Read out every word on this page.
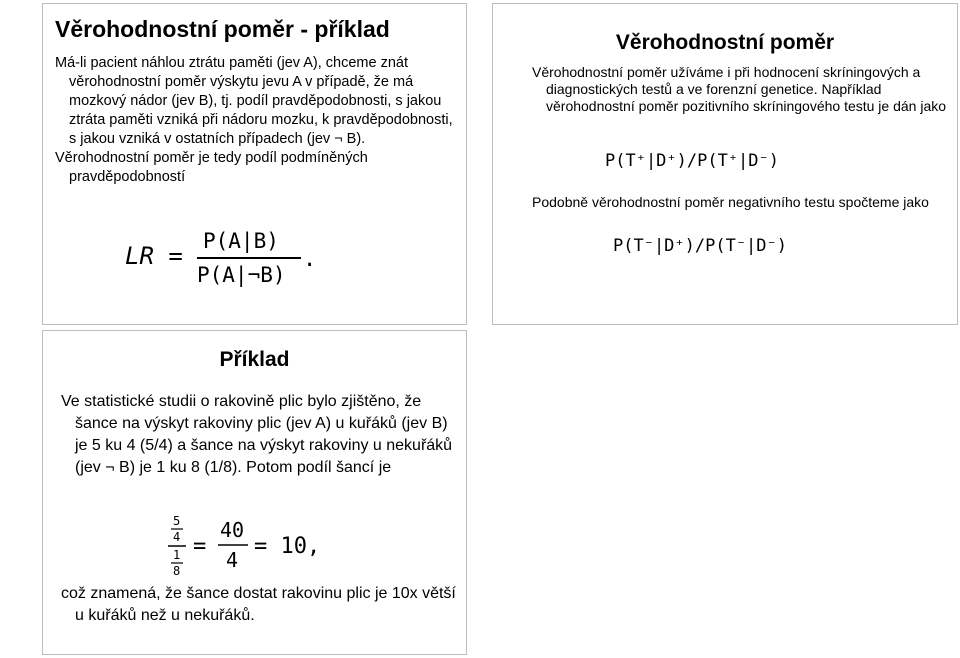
Věrohodnostní poměr - příklad

Má-li pacient náhlou ztrátu paměti (jev A), chceme znát věrohodnostní poměr výskytu jevu A v případě, že má mozkový nádor (jev B), tj. podíl pravděpodobnosti, s jakou ztráta paměti vzniká při nádoru mozku, k pravděpodobnosti, s jakou vzniká v ostatních případech (jev ¬ B).

Věrohodnostní poměr je tedy podíl podmíněných pravděpodobností

LR =
P(A|B)
P(A|¬B)
.
Věrohodnostní poměr

Věrohodnostní poměr užíváme i při hodnocení skríningových a diagnostických testů a ve forenzní genetice. Například věrohodnostní poměr pozitivního skríningového testu je dán jako

P(T⁺|D⁺)/P(T⁺|D⁻)

Podobně věrohodnostní poměr negativního testu spočteme jako

P(T⁻|D⁺)/P(T⁻|D⁻)
Příklad

Ve statistické studii o rakovině plic bylo zjištěno, že šance na výskyt rakoviny plic (jev A) u kuřáků (jev B) je 5 ku 4 (5/4) a šance na výskyt rakoviny u nekuřáků (jev ¬ B) je 1 ku 8 (1/8). Potom podíl šancí je

5
4
1
8
=
40
4
= 10,

což znamená, že šance dostat rakovinu plic je 10x větší u kuřáků než u nekuřáků.
